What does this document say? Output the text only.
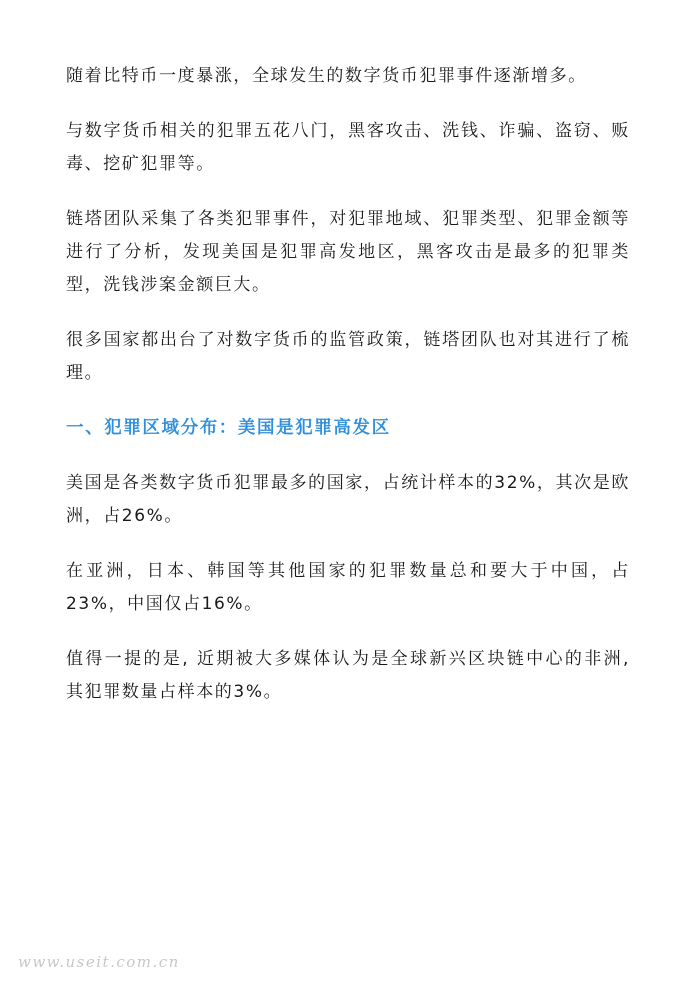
随着比特币一度暴涨，全球发生的数字货币犯罪事件逐渐增多。

与数字货币相关的犯罪五花八门，黑客攻击、洗钱、诈骗、盗窃、贩毒、挖矿犯罪等。

链塔团队采集了各类犯罪事件，对犯罪地域、犯罪类型、犯罪金额等进行了分析，发现美国是犯罪高发地区，黑客攻击是最多的犯罪类型，洗钱涉案金额巨大。

很多国家都出台了对数字货币的监管政策，链塔团队也对其进行了梳理。

一、犯罪区域分布：美国是犯罪高发区

美国是各类数字货币犯罪最多的国家，占统计样本的32%，其次是欧洲，占26%。

在亚洲，日本、韩国等其他国家的犯罪数量总和要大于中国，占23%，中国仅占16%。

值得一提的是, 近期被大多媒体认为是全球新兴区块链中心的非洲, 其犯罪数量占样本的3%。

www.useit.com.cn
